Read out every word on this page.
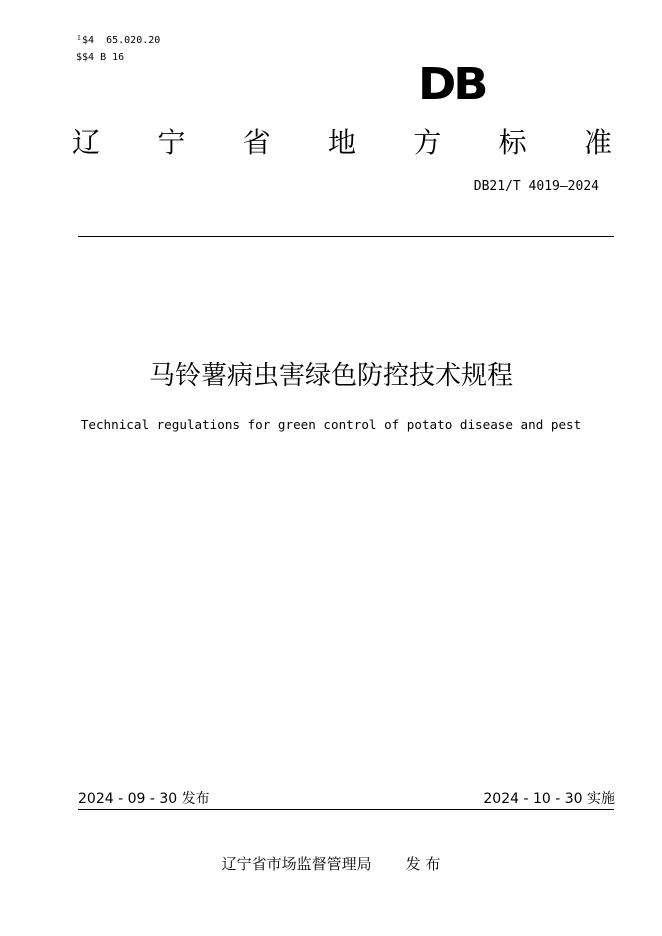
ᴵ$4  65.020.20
$$4 B 16
DB
辽 宁 省 地 方 标 准
DB21/T 4019—2024
马铃薯病虫害绿色防控技术规程
Technical regulations for green control of potato disease and pest
2024 - 09 - 30 发布	2024 - 10 - 30 实施
辽宁省市场监督管理局 发 布
